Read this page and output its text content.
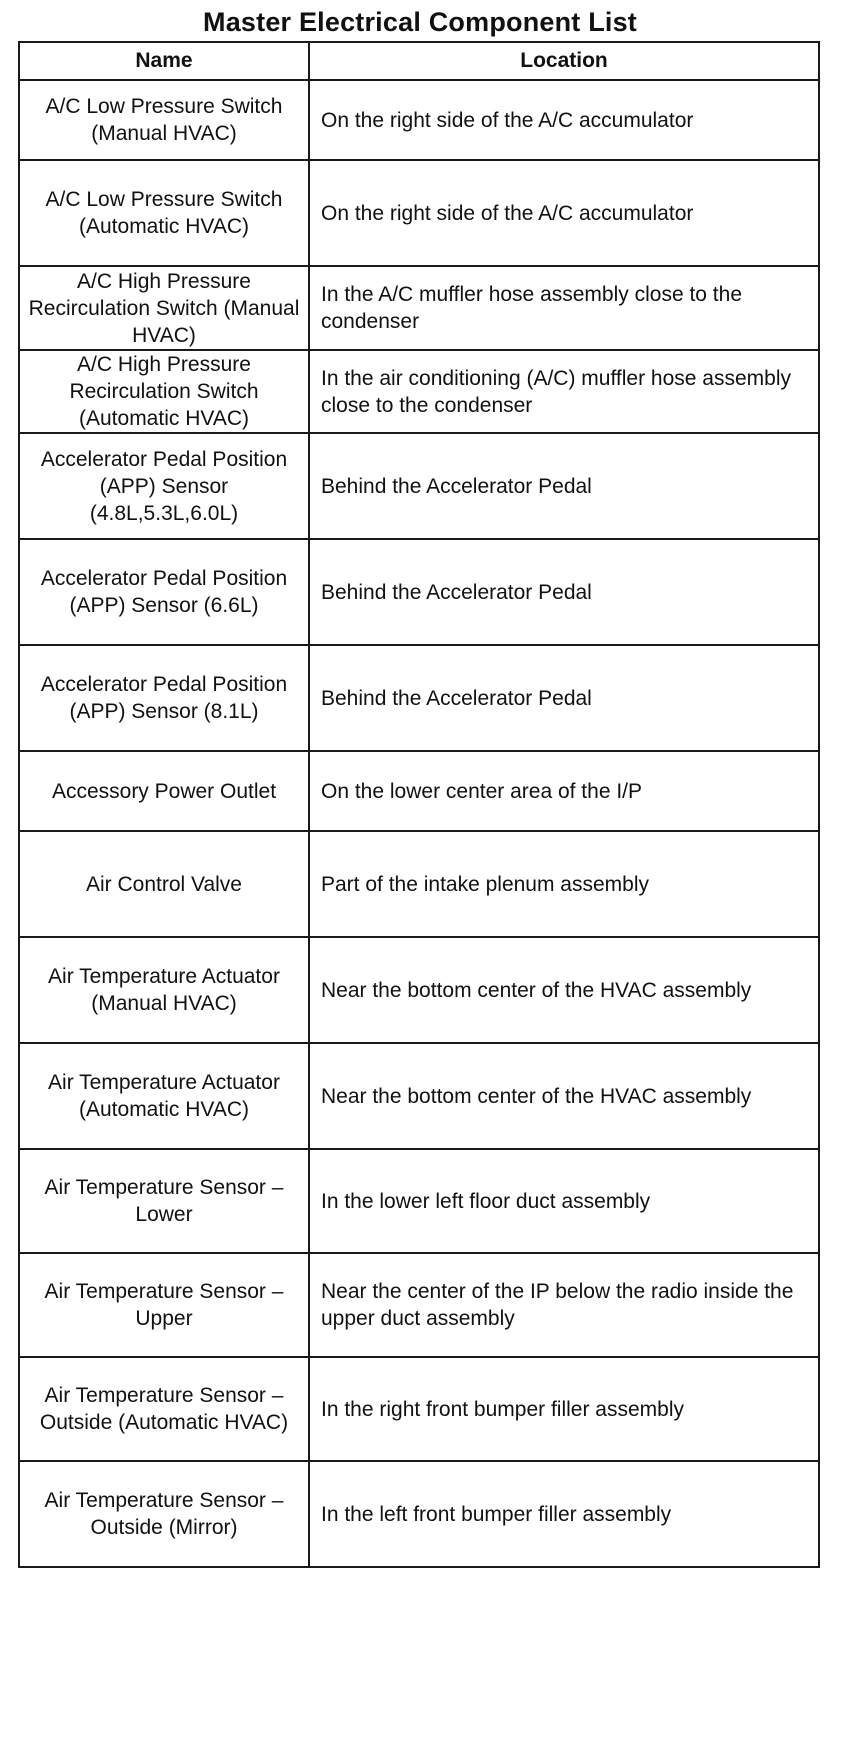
Master Electrical Component List
Name	Location
A/C Low Pressure Switch (Manual HVAC)	On the right side of the A/C accumulator
A/C Low Pressure Switch (Automatic HVAC)	On the right side of the A/C accumulator
A/C High Pressure Recirculation Switch (Manual HVAC)	In the A/C muffler hose assembly close to the condenser
A/C High Pressure Recirculation Switch (Automatic HVAC)	In the air conditioning (A/C) muffler hose assembly close to the condenser
Accelerator Pedal Position (APP) Sensor (4.8L,5.3L,6.0L)	Behind the Accelerator Pedal
Accelerator Pedal Position (APP) Sensor (6.6L)	Behind the Accelerator Pedal
Accelerator Pedal Position (APP) Sensor (8.1L)	Behind the Accelerator Pedal
Accessory Power Outlet	On the lower center area of the I/P
Air Control Valve	Part of the intake plenum assembly
Air Temperature Actuator (Manual HVAC)	Near the bottom center of the HVAC assembly
Air Temperature Actuator (Automatic HVAC)	Near the bottom center of the HVAC assembly
Air Temperature Sensor – Lower	In the lower left floor duct assembly
Air Temperature Sensor – Upper	Near the center of the IP below the radio inside the upper duct assembly
Air Temperature Sensor – Outside (Automatic HVAC)	In the right front bumper filler assembly
Air Temperature Sensor – Outside (Mirror)	In the left front bumper filler assembly
